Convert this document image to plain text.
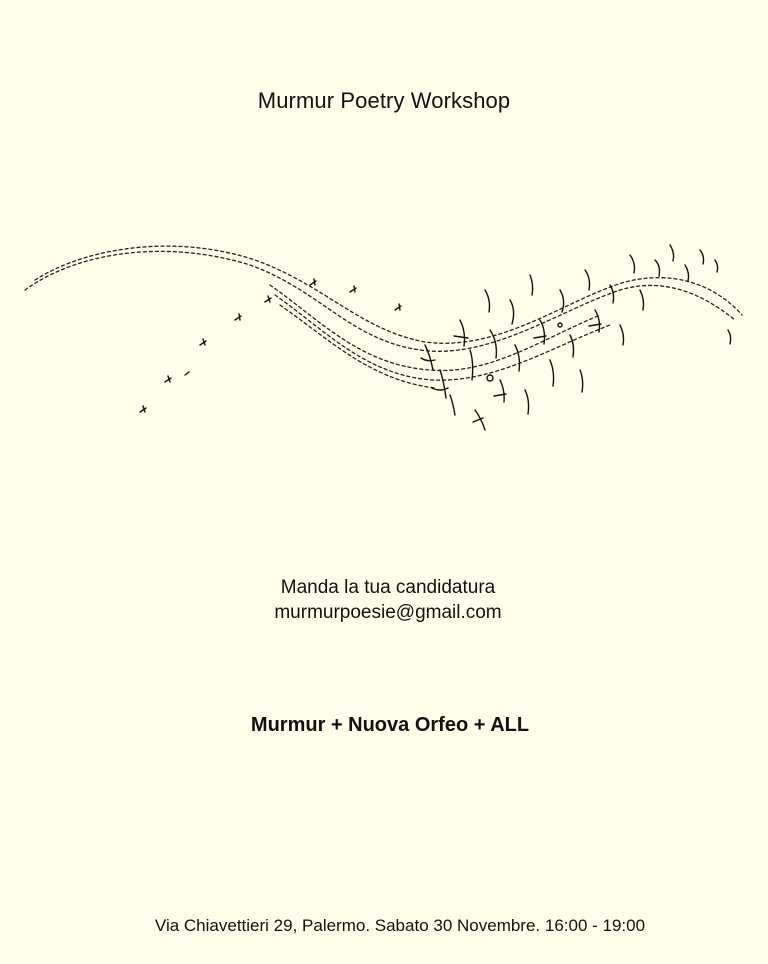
Murmur Poetry Workshop
Manda la tua candidatura
murmurpoesie@gmail.com
Murmur + Nuova Orfeo + ALL
Via Chiavettieri 29, Palermo. Sabato 30 Novembre. 16:00 - 19:00
